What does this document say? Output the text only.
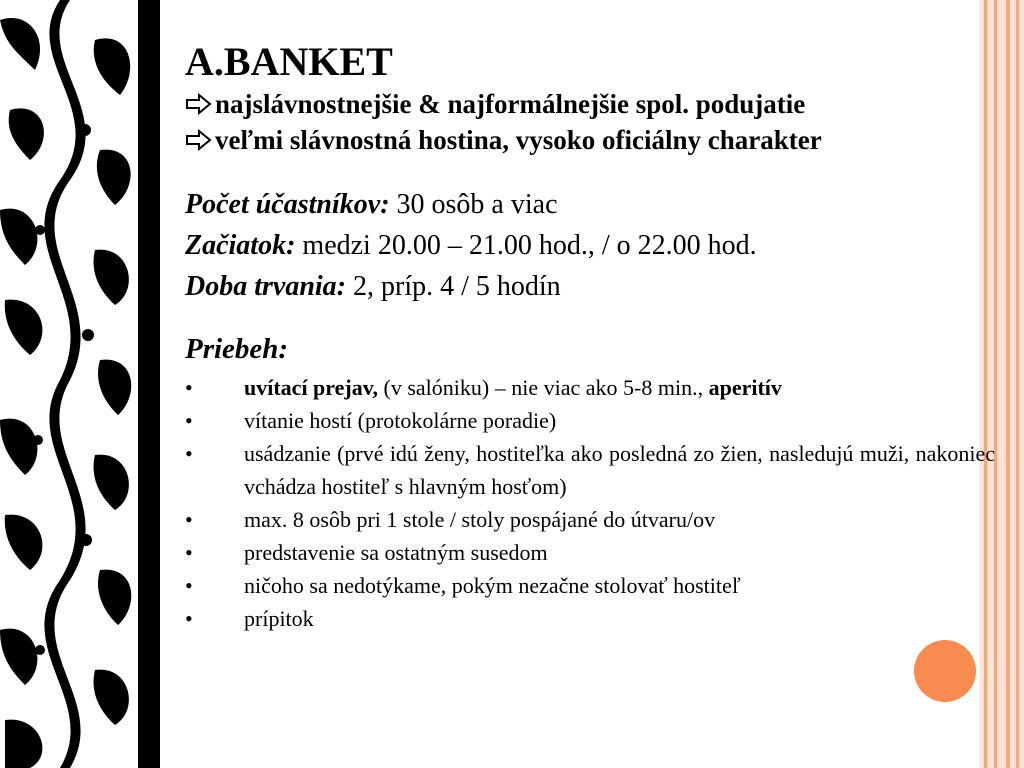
A.BANKET

najslávnostnejšie & najformálnejšie spol. podujatie

veľmi slávnostná hostina, vysoko oficiálny charakter

Počet účastníkov: 30 osôb a viac
Začiatok: medzi 20.00 – 21.00 hod., / o 22.00 hod.
Doba trvania: 2, príp. 4 / 5 hodín
Priebeh:
• uvítací prejav, (v salóniku) – nie viac ako 5-8 min., aperitív
• vítanie hostí (protokolárne poradie)
• usádzanie (prvé idú ženy, hostiteľka ako posledná zo žien, nasledujú muži, nakoniec vchádza hostiteľ s hlavným hosťom)
• max. 8 osôb pri 1 stole / stoly pospájané do útvaru/ov
• predstavenie sa ostatným susedom
• ničoho sa nedotýkame, pokým nezačne stolovať hostiteľ
• prípitok
